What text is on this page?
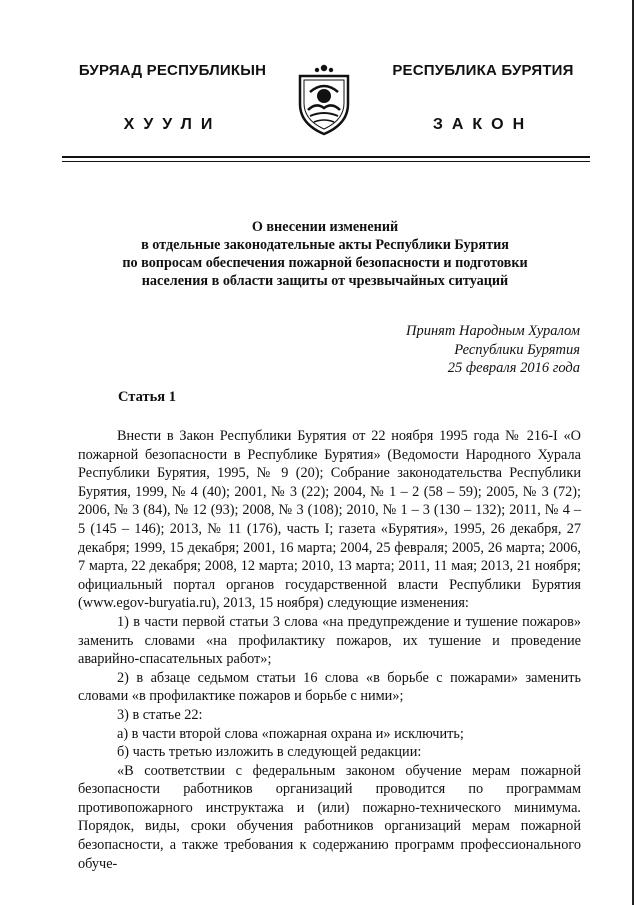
БУРЯАД РЕСПУБЛИКЫН
ХУУЛИ
РЕСПУБЛИКА БУРЯТИЯ
ЗАКОН
О внесении изменений
в отдельные законодательные акты Республики Бурятия
по вопросам обеспечения пожарной безопасности и подготовки
населения в области защиты от чрезвычайных ситуаций
Принят Народным Хуралом
Республики Бурятия
25 февраля 2016 года
Статья 1

Внести в Закон Республики Бурятия от 22 ноября 1995 года № 216-I «О пожарной безопасности в Республике Бурятия» (Ведомости Народного Хурала Республики Бурятия, 1995, № 9 (20); Собрание законодательства Республики Бурятия, 1999, № 4 (40); 2001, № 3 (22); 2004, № 1 – 2 (58 – 59); 2005, № 3 (72); 2006, № 3 (84), № 12 (93); 2008, № 3 (108); 2010, № 1 – 3 (130 – 132); 2011, № 4 – 5 (145 – 146); 2013, № 11 (176), часть I; газета «Бурятия», 1995, 26 декабря, 27 декабря; 1999, 15 декабря; 2001, 16 марта; 2004, 25 февраля; 2005, 26 марта; 2006, 7 марта, 22 декабря; 2008, 12 марта; 2010, 13 марта; 2011, 11 мая; 2013, 21 ноября; официальный портал органов государственной власти Республики Бурятия (www.egov-buryatia.ru), 2013, 15 ноября) следующие изменения:

1) в части первой статьи 3 слова «на предупреждение и тушение пожаров» заменить словами «на профилактику пожаров, их тушение и проведение аварийно-спасательных работ»;

2) в абзаце седьмом статьи 16 слова «в борьбе с пожарами» заменить словами «в профилактике пожаров и борьбе с ними»;

3) в статье 22:

а) в части второй слова «пожарная охрана и» исключить;

б) часть третью изложить в следующей редакции:

«В соответствии с федеральным законом обучение мерам пожарной безопасности работников организаций проводится по программам противопожарного инструктажа и (или) пожарно-технического минимума. Порядок, виды, сроки обучения работников организаций мерам пожарной безопасности, а также требования к содержанию программ профессионального обуче-
